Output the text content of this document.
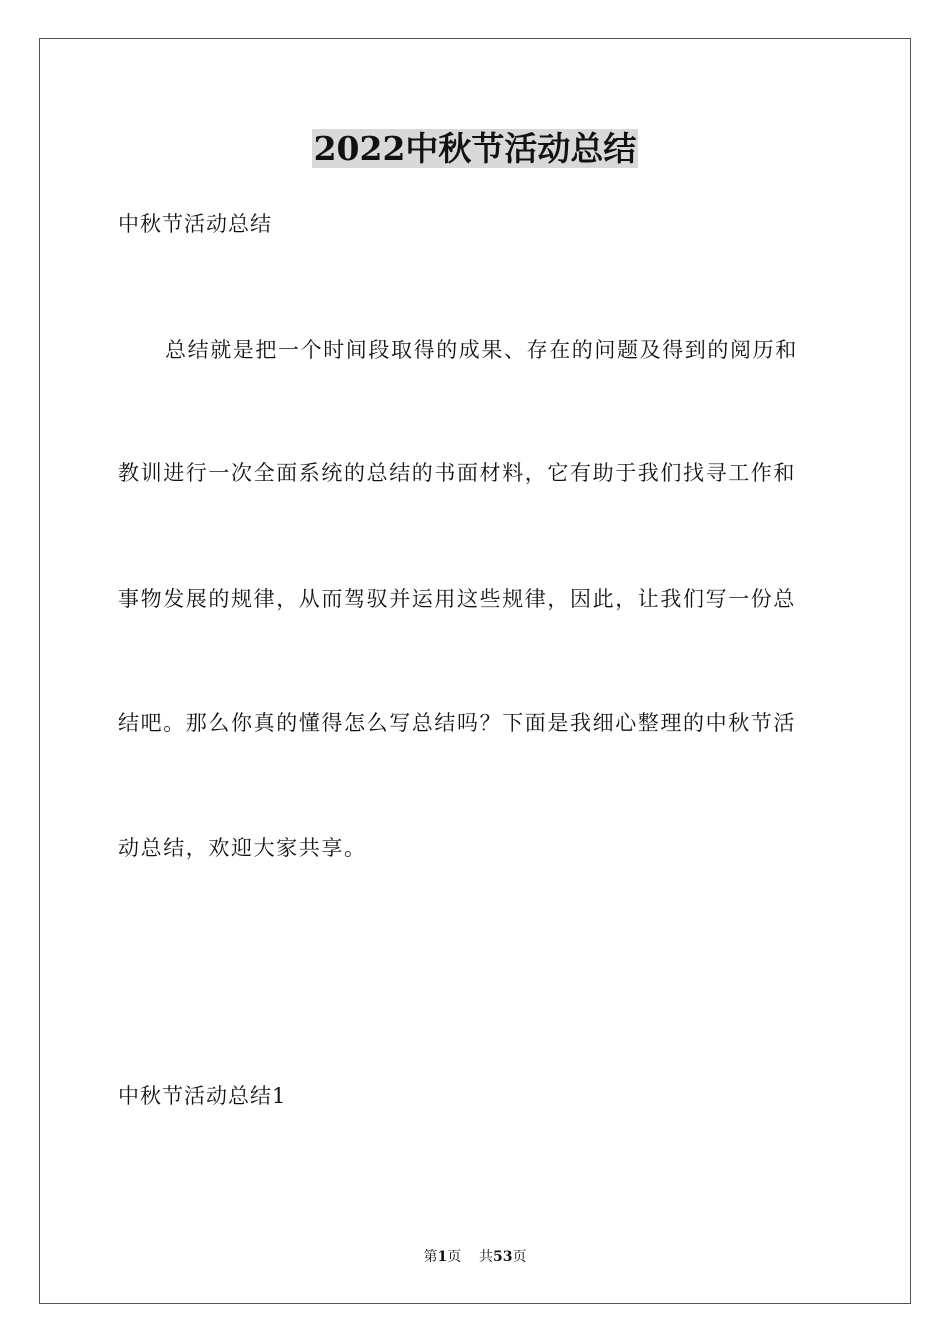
2022中秋节活动总结
中秋节活动总结
总结就是把一个时间段取得的成果、存在的问题及得到的阅历和
教训进行一次全面系统的总结的书面材料，它有助于我们找寻工作和
事物发展的规律，从而驾驭并运用这些规律，因此，让我们写一份总
结吧。那么你真的懂得怎么写总结吗？下面是我细心整理的中秋节活
动总结，欢迎大家共享。
中秋节活动总结1
第1页 共53页
